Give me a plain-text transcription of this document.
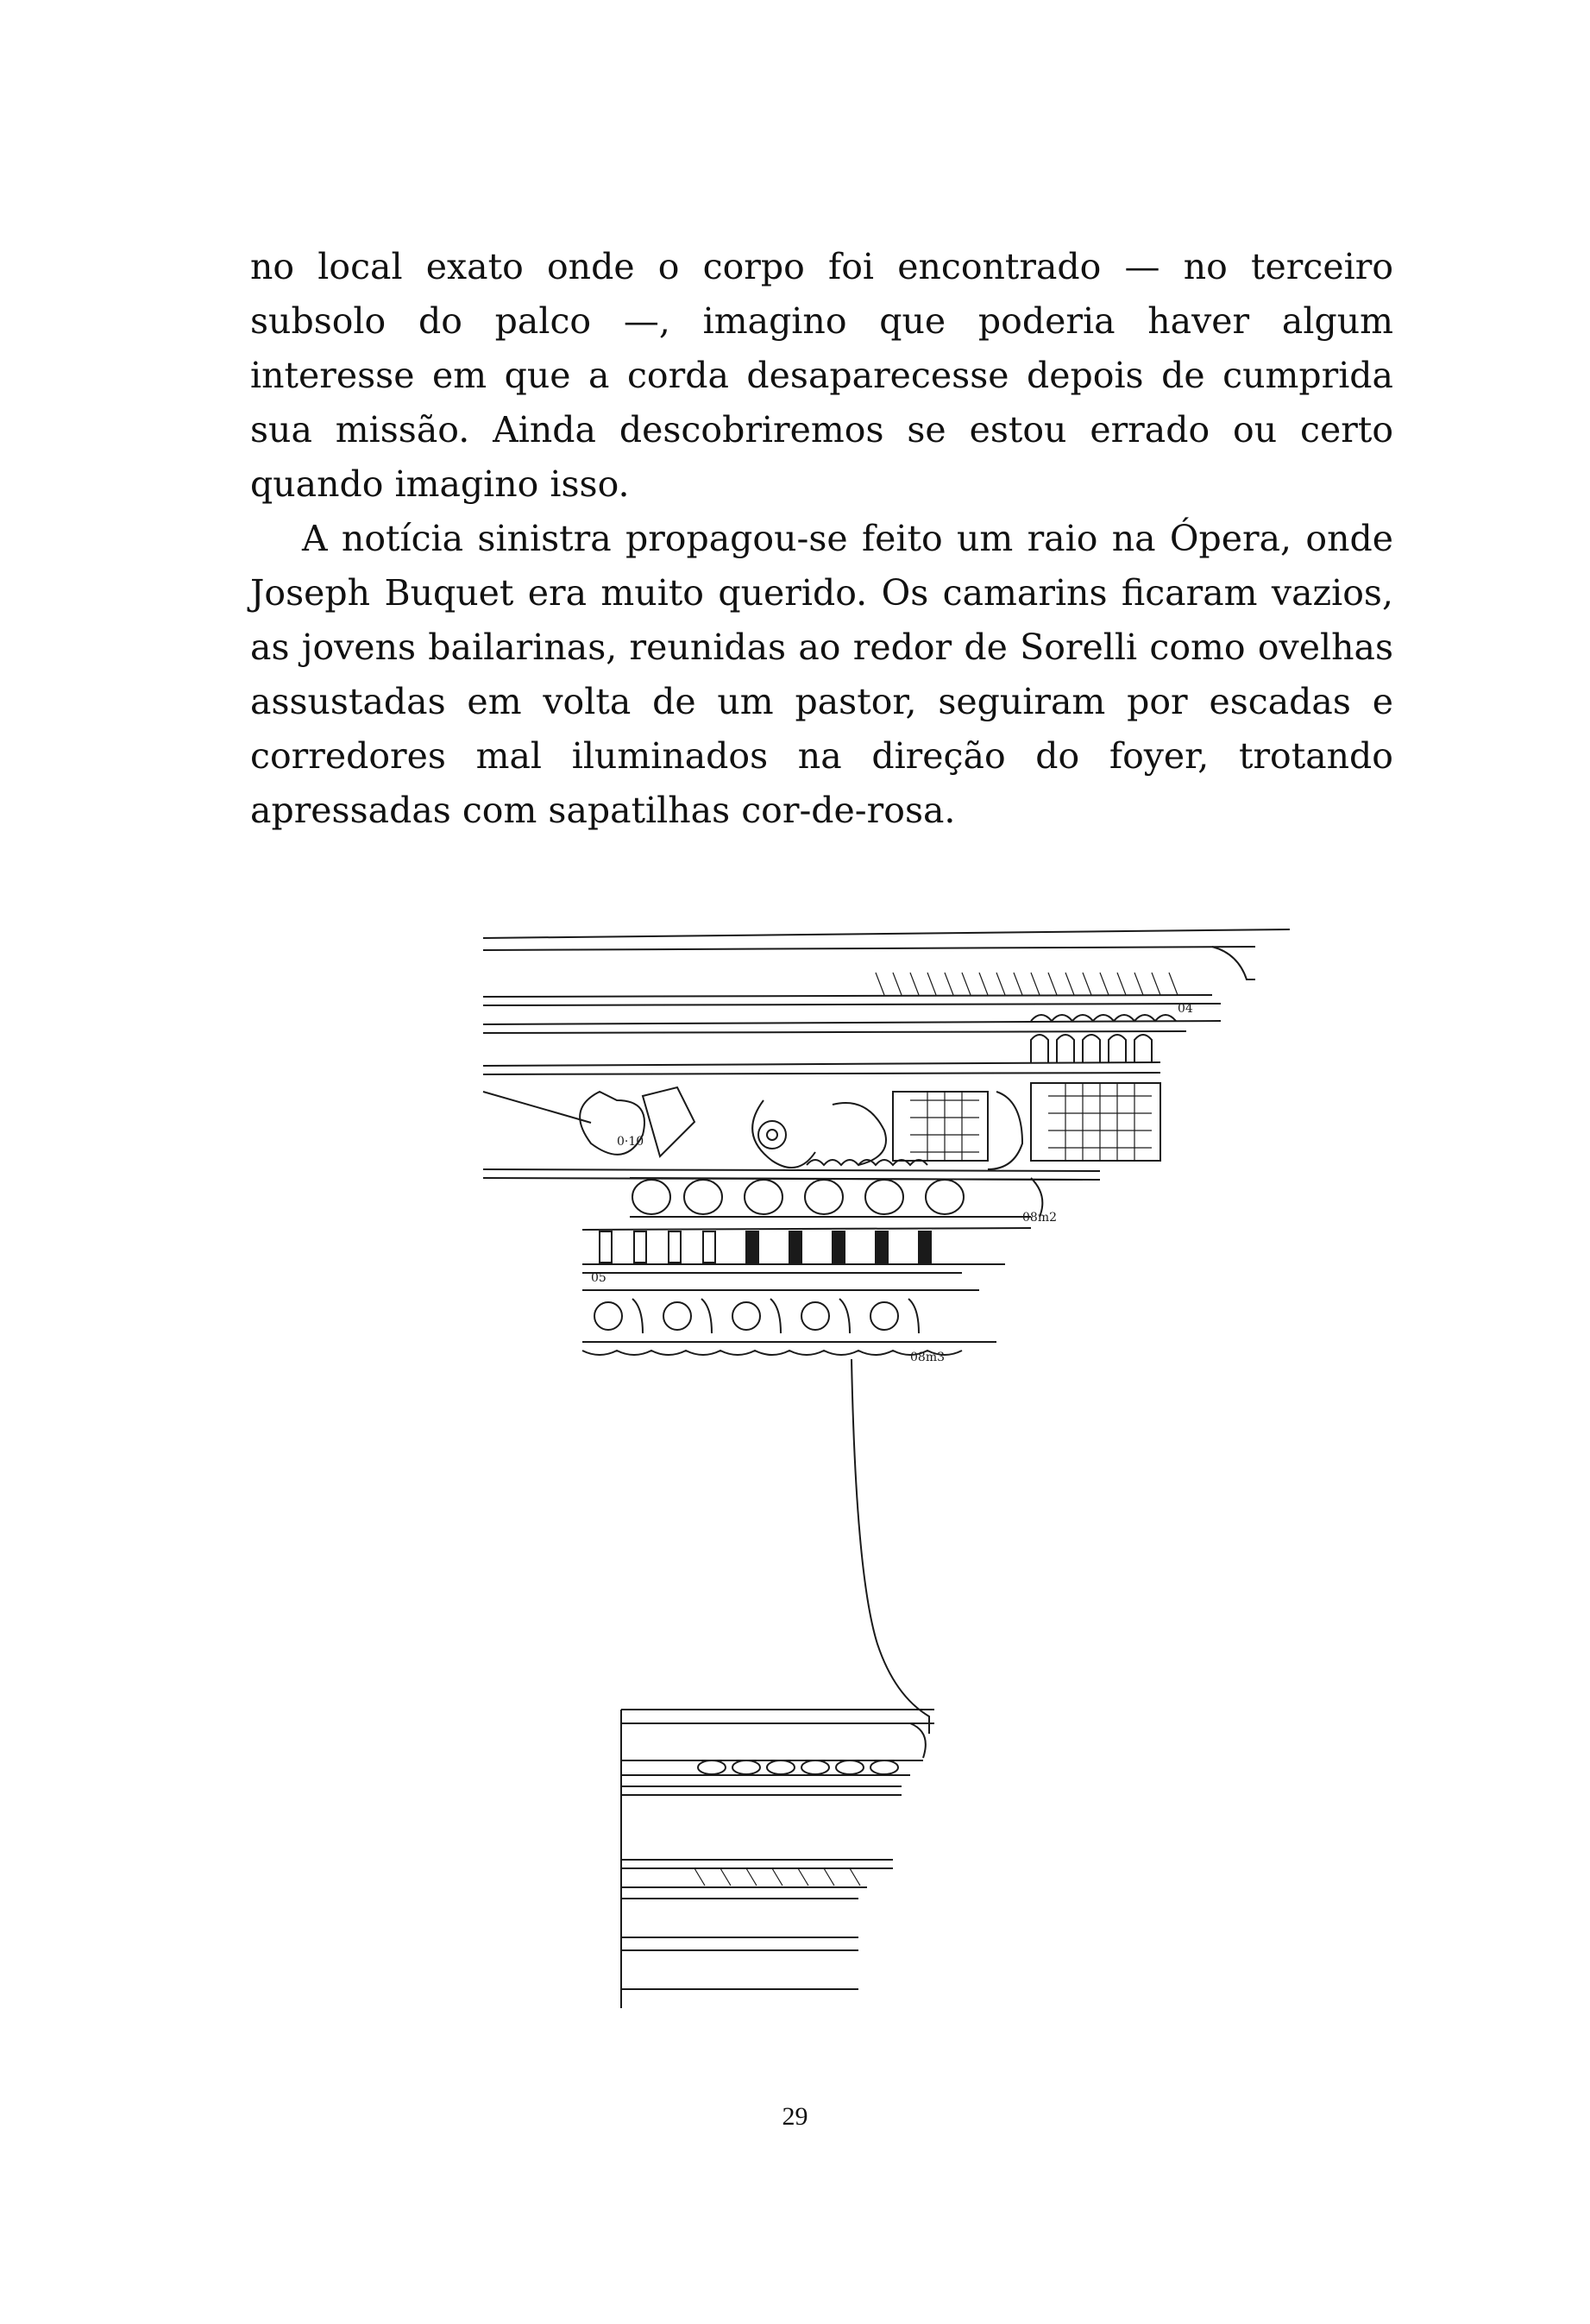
no local exato onde o corpo foi encontrado — no terceiro subsolo do palco —, imagino que poderia haver algum interesse em que a corda desaparecesse depois de cumprida sua missão. Ainda descobriremos se estou errado ou certo quando imagino isso.

A notícia sinistra propagou-se feito um raio na Ópera, onde Joseph Buquet era muito querido. Os camarins ficaram vazios, as jovens bailarinas, reunidas ao redor de Sorelli como ovelhas assustadas em volta de um pastor, seguiram por escadas e corredores mal iluminados na direção do foyer, trotando apressadas com sapatilhas cor-de-rosa.

0·10
04
08m2
08m3
05
29
